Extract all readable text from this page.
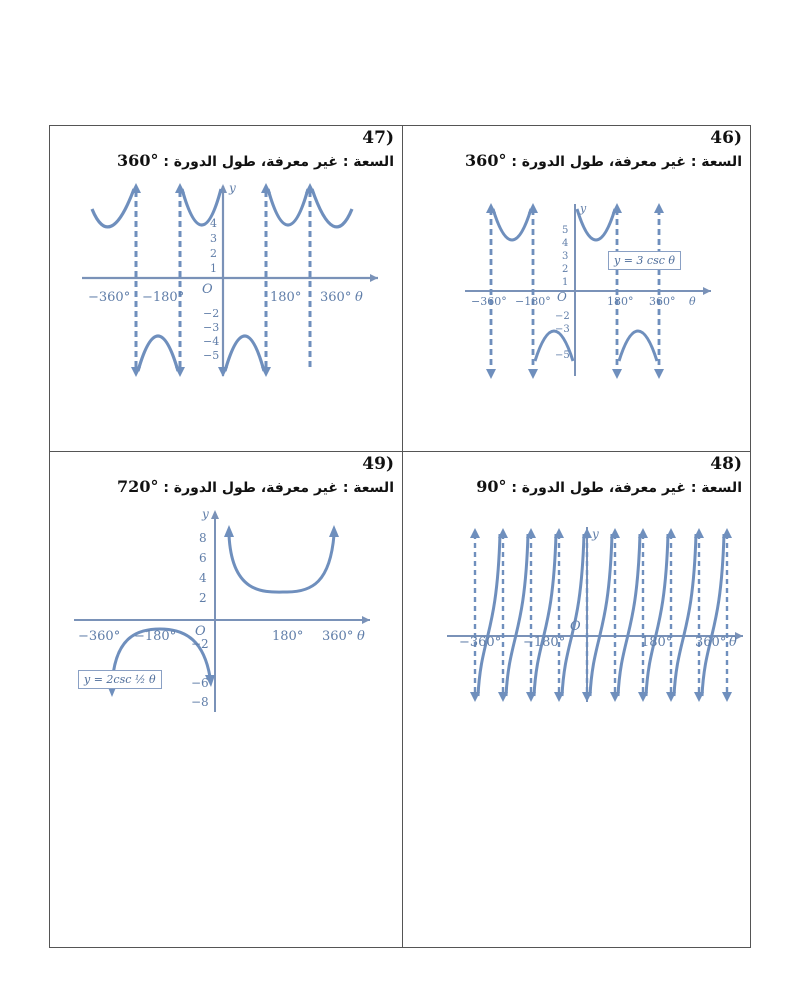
47)
السعة : غير معرفة، طول الدورة : 360°
−360° −180°	180° 360° θ
y
O
1
2
3
4
−2
−3
−4
−5
46)
السعة : غير معرفة، طول الدورة : 360°
−360° −180°	180° 360° θ
y
O
1
2
3
4
5
−2
−3
−5
y = 3 csc θ
49)
السعة : غير معرفة، طول الدورة : 720°
−360° −180°	180° 360° θ
y
O
2
4
6
8
−2
−6
−8
y = 2csc ½ θ
48)
السعة : غير معرفة، طول الدورة : 90°
−360° −180°	180° 360° θ
y
O
